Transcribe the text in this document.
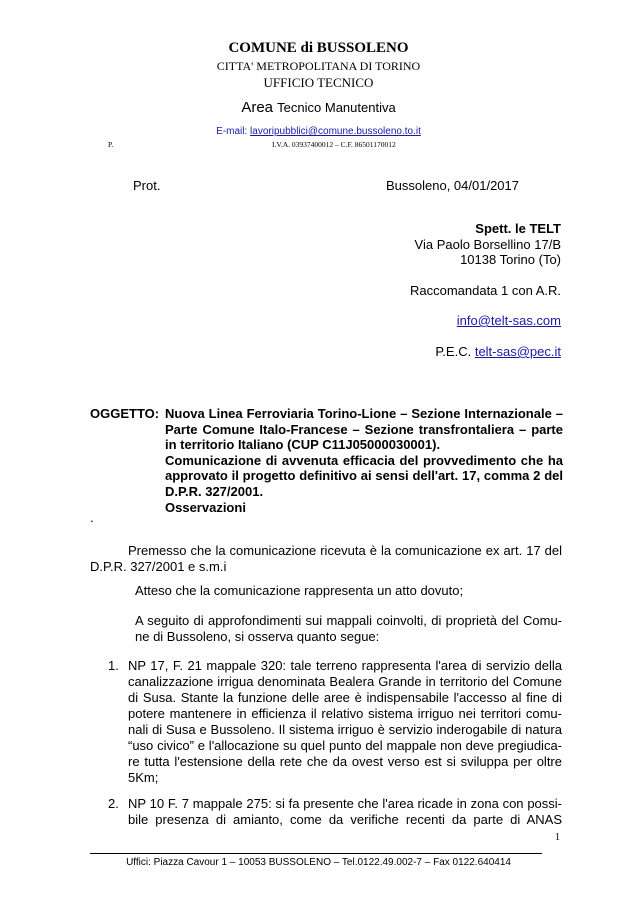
COMUNE di BUSSOLENO
CITTA' METROPOLITANA DI TORINO
UFFICIO TECNICO
Area Tecnico Manutentiva
E-mail: lavoripubblici@comune.bussoleno.to.it
P.	I.V.A. 03937400012 – C.F. 86501170012
Prot.	Bussoleno, 04/01/2017
Spett. le TELT
Via Paolo Borsellino 17/B
10138 Torino (To)
Raccomandata 1 con A.R.
info@telt-sas.com
P.E.C. telt-sas@pec.it
OGGETTO: Nuova Linea Ferroviaria Torino-Lione – Sezione Internazionale –
Parte Comune Italo-Francese – Sezione transfrontaliera – parte
in territorio Italiano (CUP C11J05000030001).
Comunicazione di avvenuta efficacia del provvedimento che ha
approvato il progetto definitivo ai sensi dell'art. 17, comma 2 del
D.P.R. 327/2001.
Osservazioni
.
Premesso che la comunicazione ricevuta è la comunicazione ex art. 17 del
D.P.R. 327/2001 e s.m.i
Atteso che la comunicazione rappresenta un atto dovuto;
A seguito di approfondimenti sui mappali coinvolti, di proprietà del Comu-
ne di Bussoleno, si osserva quanto segue:
1. NP 17, F. 21 mappale 320: tale terreno rappresenta l'area di servizio della
canalizzazione irrigua denominata Bealera Grande in territorio del Comune
di Susa. Stante la funzione delle aree è indispensabile l'accesso al fine di
potere mantenere in efficienza il relativo sistema irriguo nei territori comu-
nali di Susa e Bussoleno. Il sistema irriguo è servizio inderogabile di natura
“uso civico” e l'allocazione su quel punto del mappale non deve pregiudica-
re tutta l'estensione della rete che da ovest verso est si sviluppa per oltre
5Km;
2. NP 10 F. 7 mappale 275: si fa presente che l'area ricade in zona con possi-
bile presenza di amianto, come da verifiche recenti da parte di ANAS
1
Uffici: Piazza Cavour 1 – 10053 BUSSOLENO – Tel.0122.49.002-7 – Fax 0122.640414
